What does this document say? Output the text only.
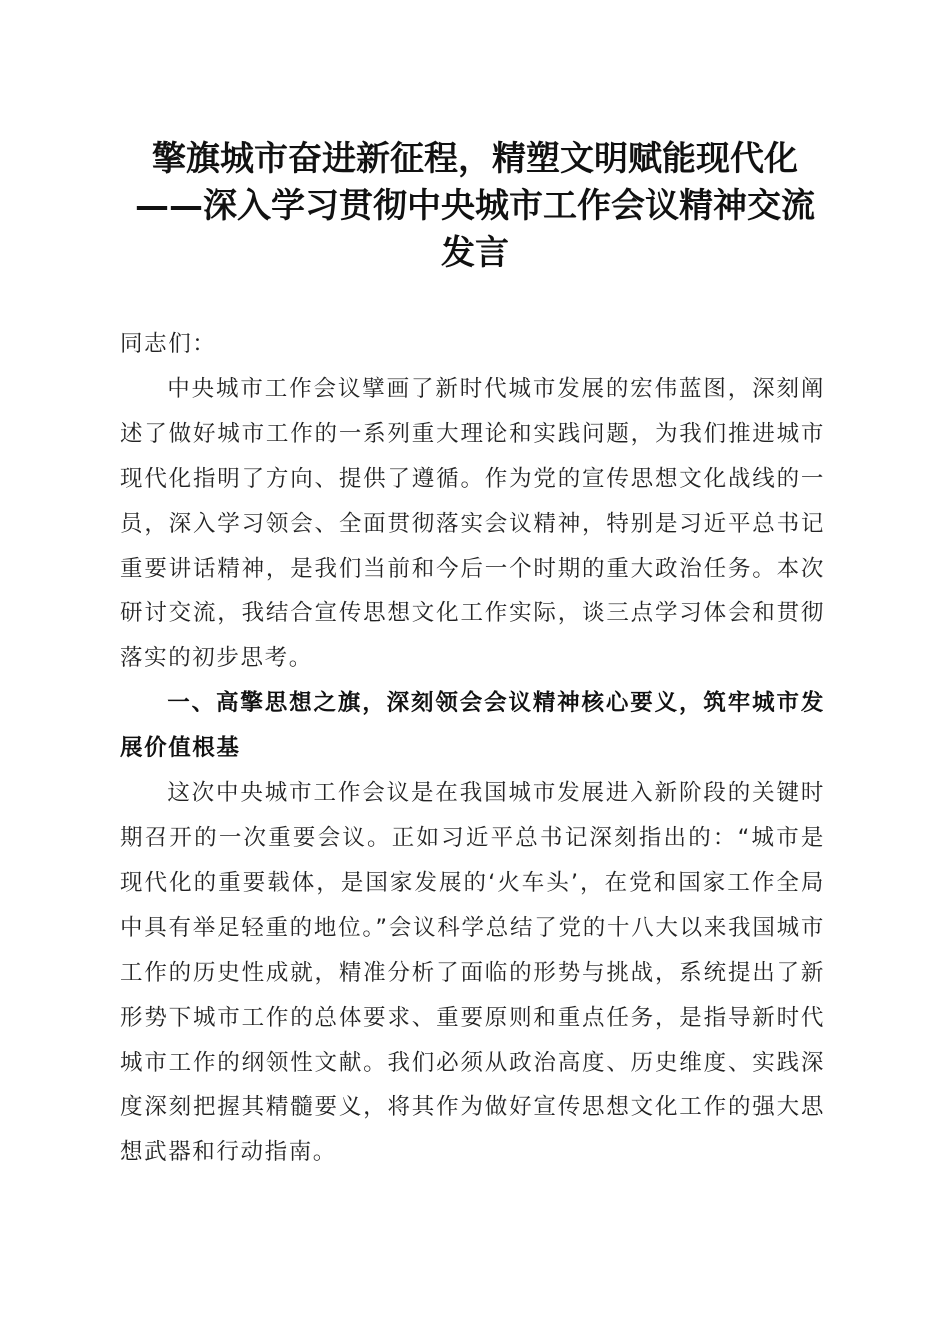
擎旗城市奋进新征程，精塑文明赋能现代化
——深入学习贯彻中央城市工作会议精神交流
发言

同志们：

中央城市工作会议擘画了新时代城市发展的宏伟蓝图，深刻阐述了做好城市工作的一系列重大理论和实践问题，为我们推进城市现代化指明了方向、提供了遵循。作为党的宣传思想文化战线的一员，深入学习领会、全面贯彻落实会议精神，特别是习近平总书记重要讲话精神，是我们当前和今后一个时期的重大政治任务。本次研讨交流，我结合宣传思想文化工作实际，谈三点学习体会和贯彻落实的初步思考。

一、高擎思想之旗，深刻领会会议精神核心要义，筑牢城市发展价值根基

这次中央城市工作会议是在我国城市发展进入新阶段的关键时期召开的一次重要会议。正如习近平总书记深刻指出的：“城市是现代化的重要载体，是国家发展的‘火车头’，在党和国家工作全局中具有举足轻重的地位。”会议科学总结了党的十八大以来我国城市工作的历史性成就，精准分析了面临的形势与挑战，系统提出了新形势下城市工作的总体要求、重要原则和重点任务，是指导新时代城市工作的纲领性文献。我们必须从政治高度、历史维度、实践深度深刻把握其精髓要义，将其作为做好宣传思想文化工作的强大思想武器和行动指南。
